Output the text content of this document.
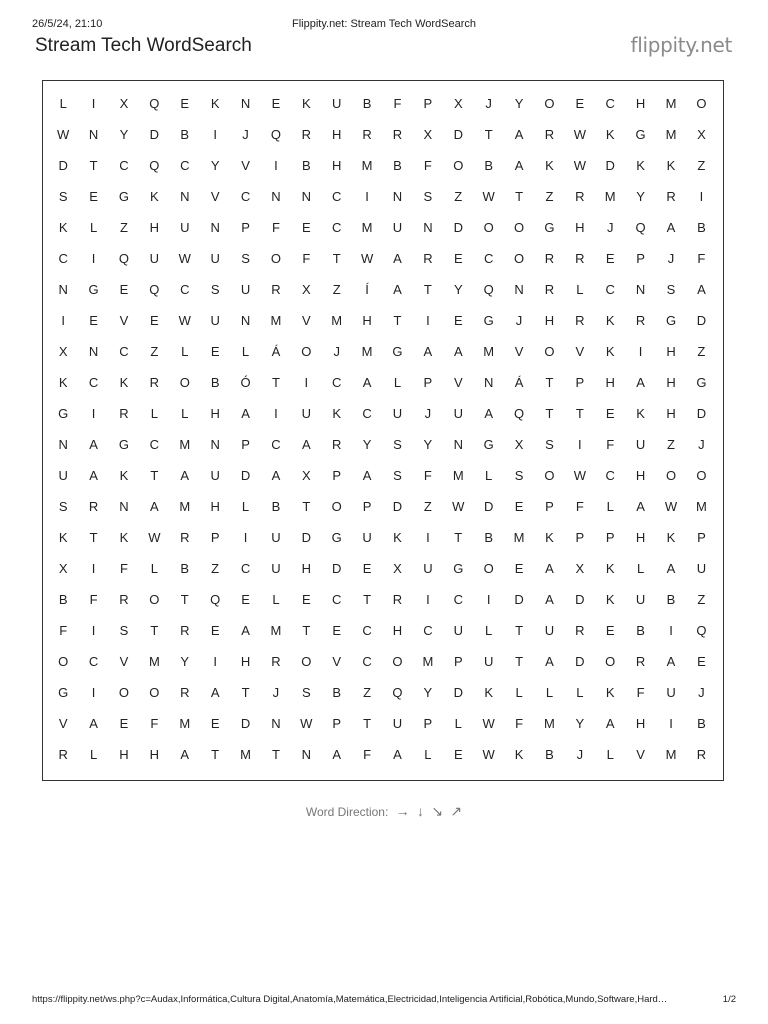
26/5/24, 21:10	Flippity.net: Stream Tech WordSearch
Stream Tech WordSearch	flippity.net
L	I	X	Q	E	K	N	E	K	U	B	F	P	X	J	Y	O	E	C	H	M	O
W	N	Y	D	B	I	J	Q	R	H	R	R	X	D	T	A	R	W	K	G	M	X
D	T	C	Q	C	Y	V	I	B	H	M	B	F	O	B	A	K	W	D	K	K	Z
S	E	G	K	N	V	C	N	N	C	I	N	S	Z	W	T	Z	R	M	Y	R	I
K	L	Z	H	U	N	P	F	E	C	M	U	N	D	O	O	G	H	J	Q	A	B
C	I	Q	U	W	U	S	O	F	T	W	A	R	E	C	O	R	R	E	P	J	F
N	G	E	Q	C	S	U	R	X	Z	Í	A	T	Y	Q	N	R	L	C	N	S	A
I	E	V	E	W	U	N	M	V	M	H	T	I	E	G	J	H	R	K	R	G	D
X	N	C	Z	L	E	L	Á	O	J	M	G	A	A	M	V	O	V	K	I	H	Z
K	C	K	R	O	B	Ó	T	I	C	A	L	P	V	N	Á	T	P	H	A	H	G
G	I	R	L	L	H	A	I	U	K	C	U	J	U	A	Q	T	T	E	K	H	D
N	A	G	C	M	N	P	C	A	R	Y	S	Y	N	G	X	S	I	F	U	Z	J
U	A	K	T	A	U	D	A	X	P	A	S	F	M	L	S	O	W	C	H	O	O
S	R	N	A	M	H	L	B	T	O	P	D	Z	W	D	E	P	F	L	A	W	M
K	T	K	W	R	P	I	U	D	G	U	K	I	T	B	M	K	P	P	H	K	P
X	I	F	L	B	Z	C	U	H	D	E	X	U	G	O	E	A	X	K	L	A	U
B	F	R	O	T	Q	E	L	E	C	T	R	I	C	I	D	A	D	K	U	B	Z
F	I	S	T	R	E	A	M	T	E	C	H	C	U	L	T	U	R	E	B	I	Q
O	C	V	M	Y	I	H	R	O	V	C	O	M	P	U	T	A	D	O	R	A	E
G	I	O	O	R	A	T	J	S	B	Z	Q	Y	D	K	L	L	L	K	F	U	J
V	A	E	F	M	E	D	N	W	P	T	U	P	L	W	F	M	Y	A	H	I	B
R	L	H	H	A	T	M	T	N	A	F	A	L	E	W	K	B	J	L	V	M	R
Word Direction: → ↓ ↘ ↗
https://flippity.net/ws.php?c=Audax,Informática,Cultura Digital,Anatomía,Matemática,Electricidad,Inteligencia Artificial,Robótica,Mundo,Software,Hard…	1/2
